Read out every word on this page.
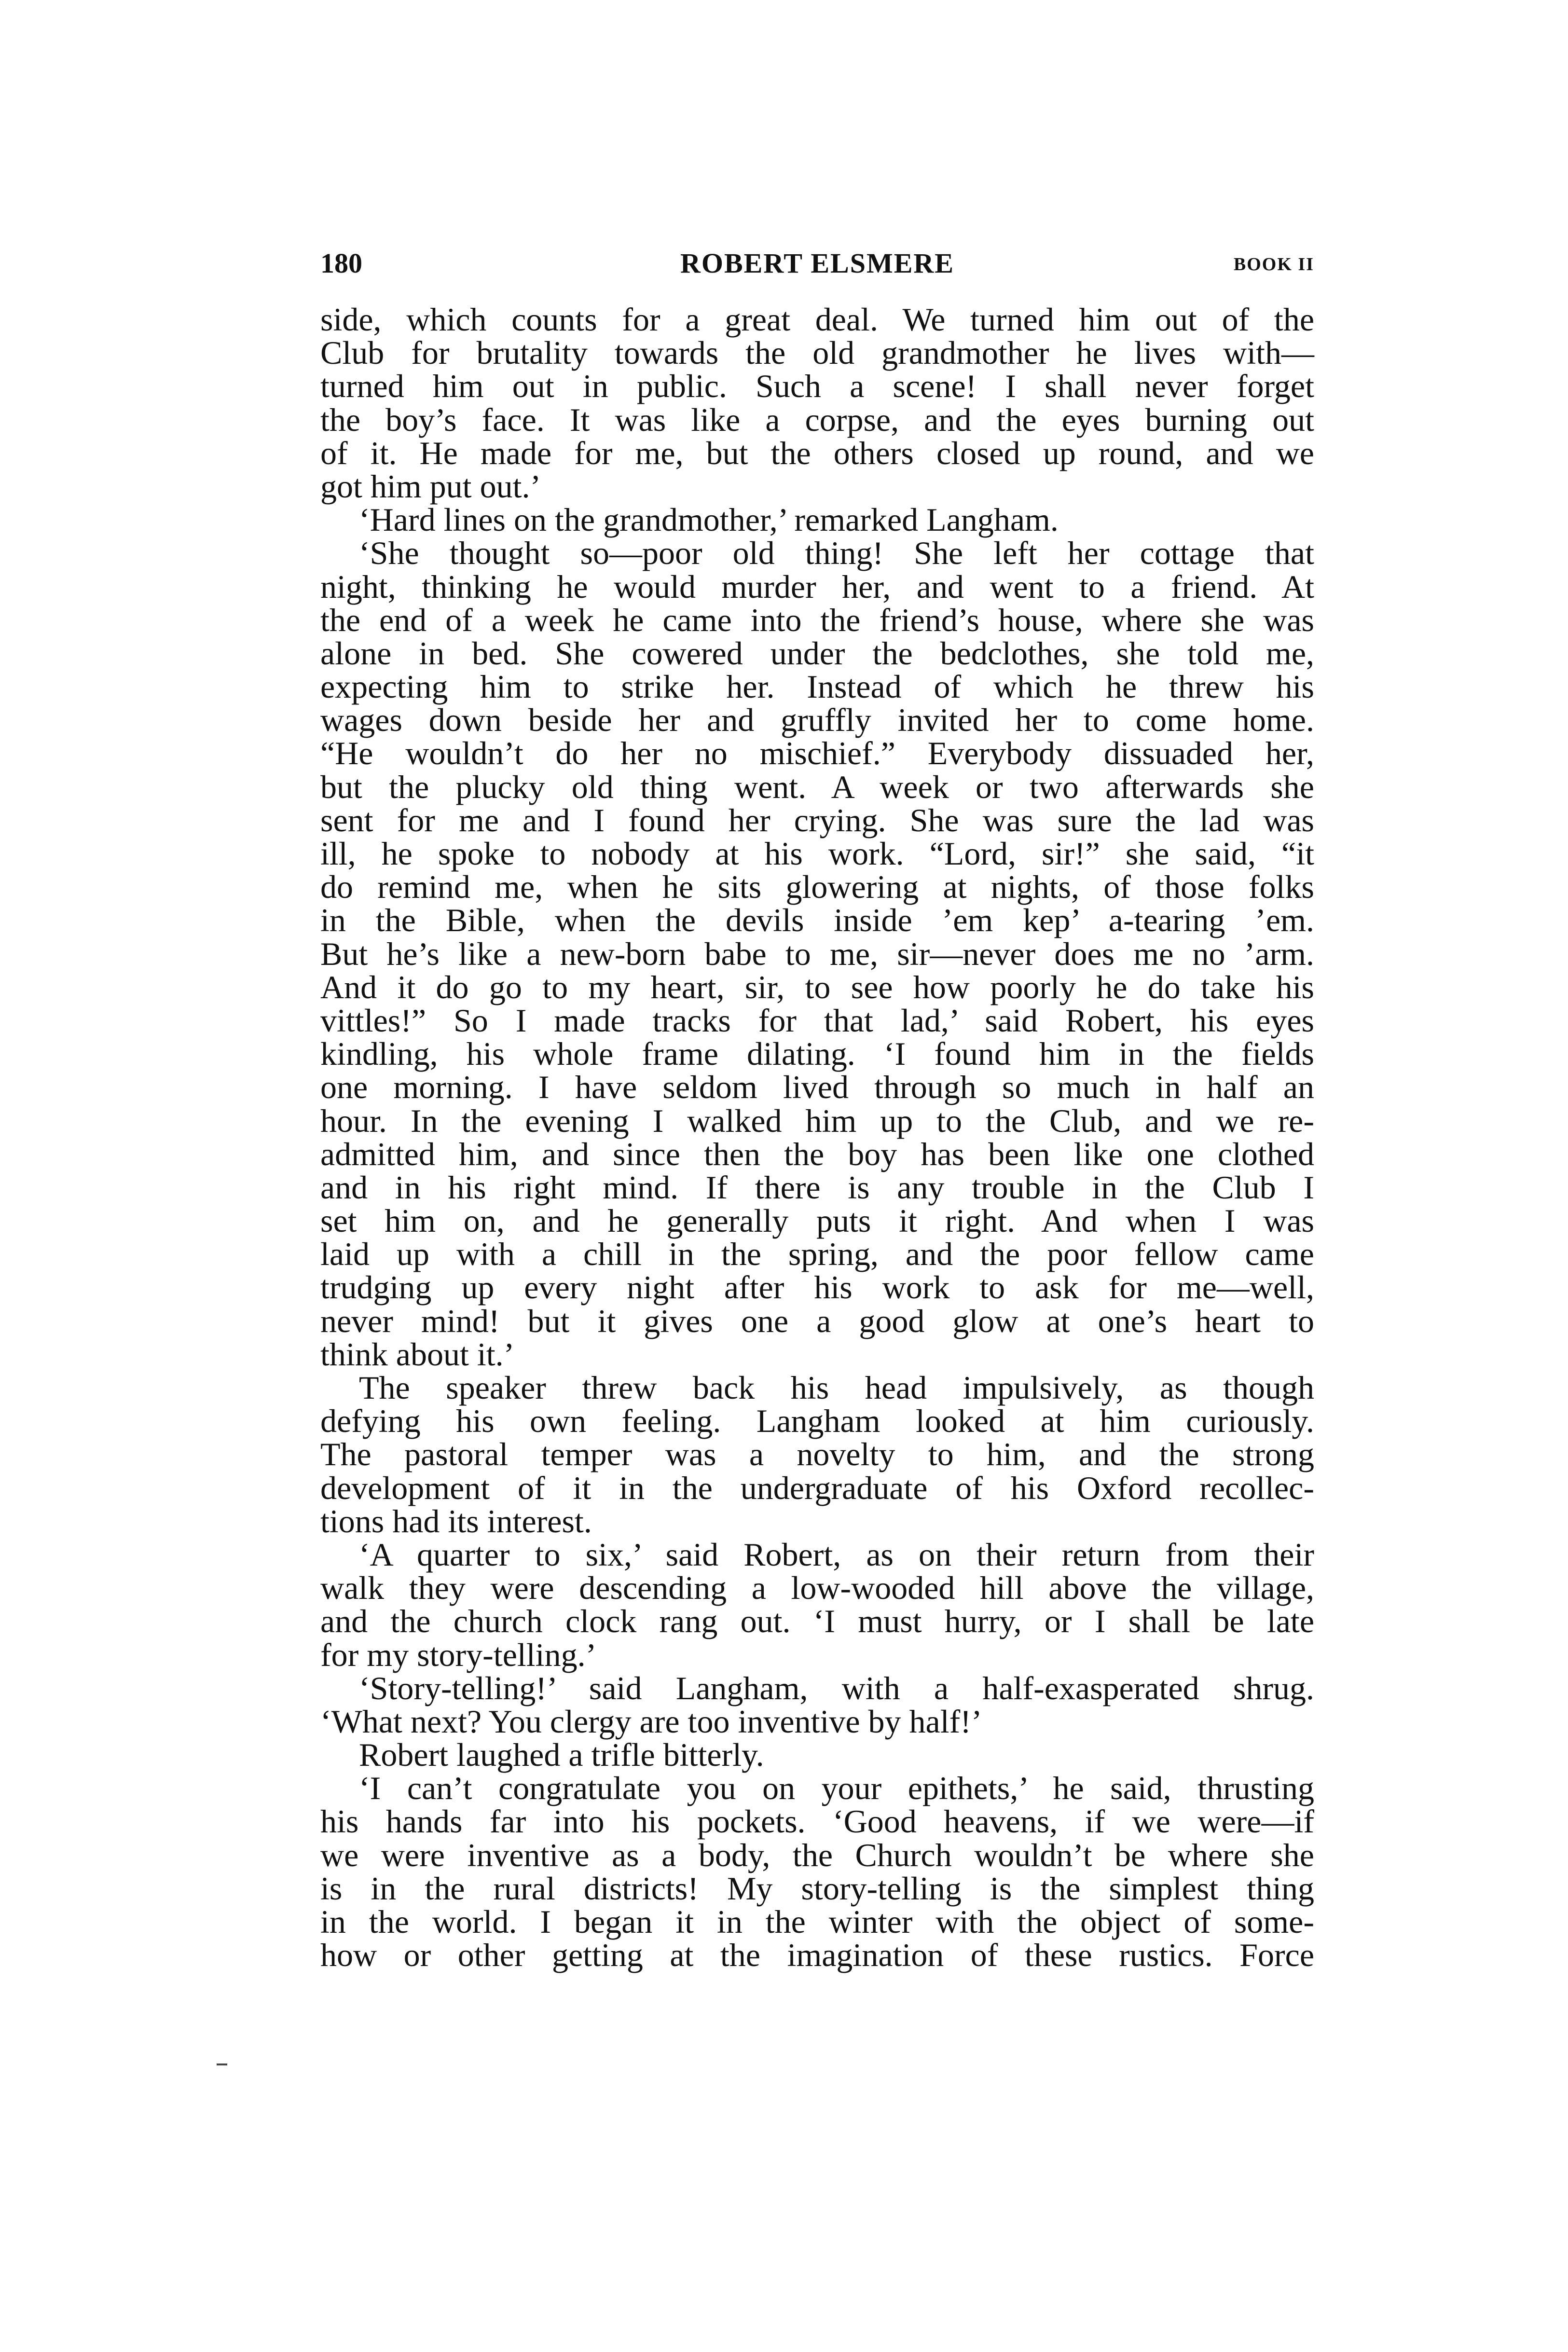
180	ROBERT ELSMERE	BOOK II
side, which counts for a great deal. We turned him out of the
Club for brutality towards the old grandmother he lives with—
turned him out in public. Such a scene! I shall never forget
the boy’s face. It was like a corpse, and the eyes burning out
of it. He made for me, but the others closed up round, and we
got him put out.’
‘Hard lines on the grandmother,’ remarked Langham.
‘She thought so—poor old thing! She left her cottage that
night, thinking he would murder her, and went to a friend. At
the end of a week he came into the friend’s house, where she was
alone in bed. She cowered under the bedclothes, she told me,
expecting him to strike her. Instead of which he threw his
wages down beside her and gruffly invited her to come home.
“He wouldn’t do her no mischief.” Everybody dissuaded her,
but the plucky old thing went. A week or two afterwards she
sent for me and I found her crying. She was sure the lad was
ill, he spoke to nobody at his work. “Lord, sir!” she said, “it
do remind me, when he sits glowering at nights, of those folks
in the Bible, when the devils inside ’em kep’ a-tearing ’em.
But he’s like a new-born babe to me, sir—never does me no ’arm.
And it do go to my heart, sir, to see how poorly he do take his
vittles!” So I made tracks for that lad,’ said Robert, his eyes
kindling, his whole frame dilating. ‘I found him in the fields
one morning. I have seldom lived through so much in half an
hour. In the evening I walked him up to the Club, and we re-
admitted him, and since then the boy has been like one clothed
and in his right mind. If there is any trouble in the Club I
set him on, and he generally puts it right. And when I was
laid up with a chill in the spring, and the poor fellow came
trudging up every night after his work to ask for me—well,
never mind! but it gives one a good glow at one’s heart to
think about it.’
The speaker threw back his head impulsively, as though
defying his own feeling. Langham looked at him curiously.
The pastoral temper was a novelty to him, and the strong
development of it in the undergraduate of his Oxford recollec-
tions had its interest.
‘A quarter to six,’ said Robert, as on their return from their
walk they were descending a low-wooded hill above the village,
and the church clock rang out. ‘I must hurry, or I shall be late
for my story-telling.’
‘Story-telling!’ said Langham, with a half-exasperated shrug.
‘What next? You clergy are too inventive by half!’
Robert laughed a trifle bitterly.
‘I can’t congratulate you on your epithets,’ he said, thrusting
his hands far into his pockets. ‘Good heavens, if we were—if
we were inventive as a body, the Church wouldn’t be where she
is in the rural districts! My story-telling is the simplest thing
in the world. I began it in the winter with the object of some-
how or other getting at the imagination of these rustics. Force
